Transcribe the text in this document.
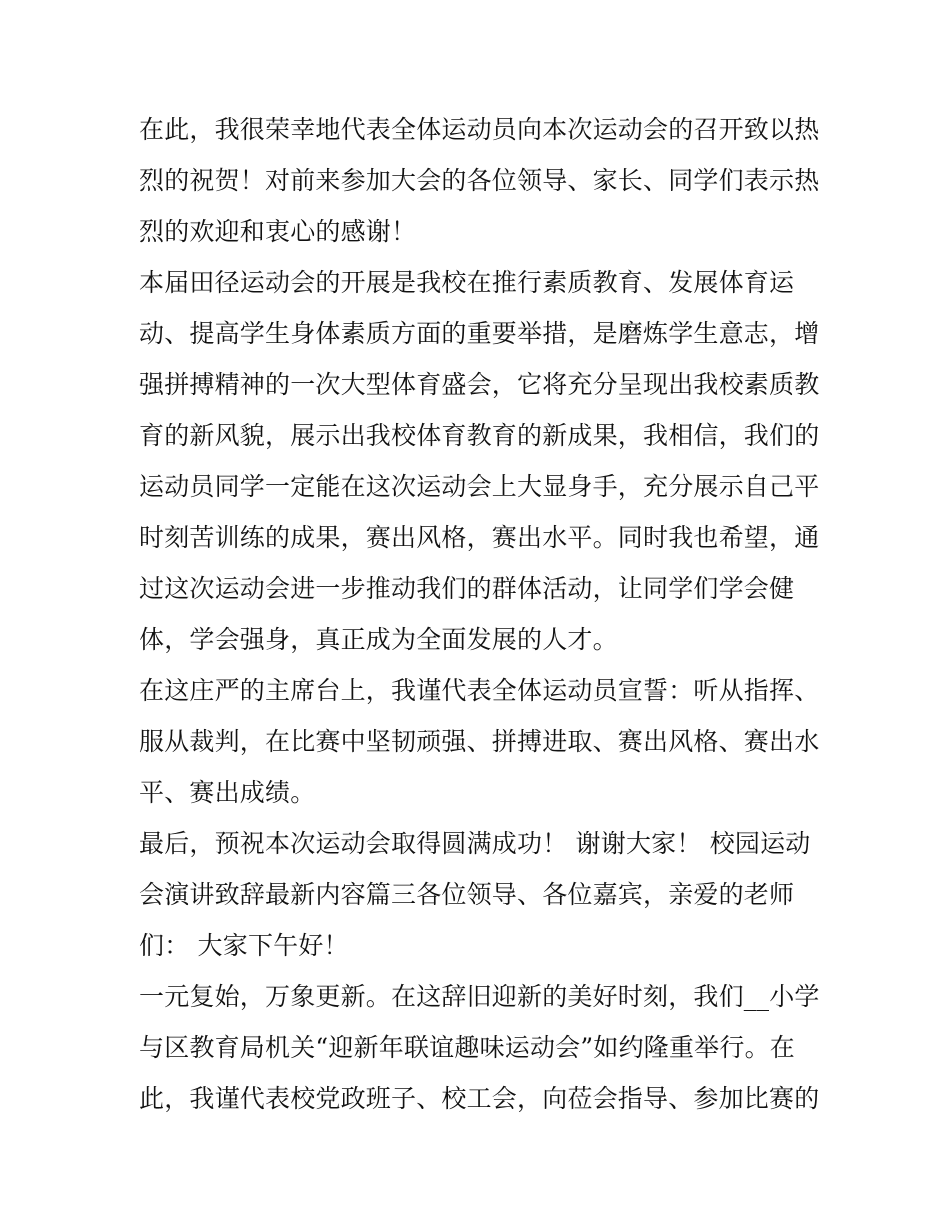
在此，我很荣幸地代表全体运动员向本次运动会的召开致以热
烈的祝贺！对前来参加大会的各位领导、家长、同学们表示热
烈的欢迎和衷心的感谢！
本届田径运动会的开展是我校在推行素质教育、发展体育运
动、提高学生身体素质方面的重要举措，是磨炼学生意志，增
强拼搏精神的一次大型体育盛会，它将充分呈现出我校素质教
育的新风貌，展示出我校体育教育的新成果，我相信，我们的
运动员同学一定能在这次运动会上大显身手，充分展示自己平
时刻苦训练的成果，赛出风格，赛出水平。同时我也希望，通
过这次运动会进一步推动我们的群体活动，让同学们学会健
体，学会强身，真正成为全面发展的人才。
在这庄严的主席台上，我谨代表全体运动员宣誓：听从指挥、
服从裁判，在比赛中坚韧顽强、拼搏进取、赛出风格、赛出水
平、赛出成绩。
最后，预祝本次运动会取得圆满成功！ 谢谢大家！ 校园运动
会演讲致辞最新内容篇三各位领导、各位嘉宾，亲爱的老师
们： 大家下午好！
一元复始，万象更新。在这辞旧迎新的美好时刻，我们__小学
与区教育局机关“迎新年联谊趣味运动会”如约隆重举行。在
此，我谨代表校党政班子、校工会，向莅会指导、参加比赛的
